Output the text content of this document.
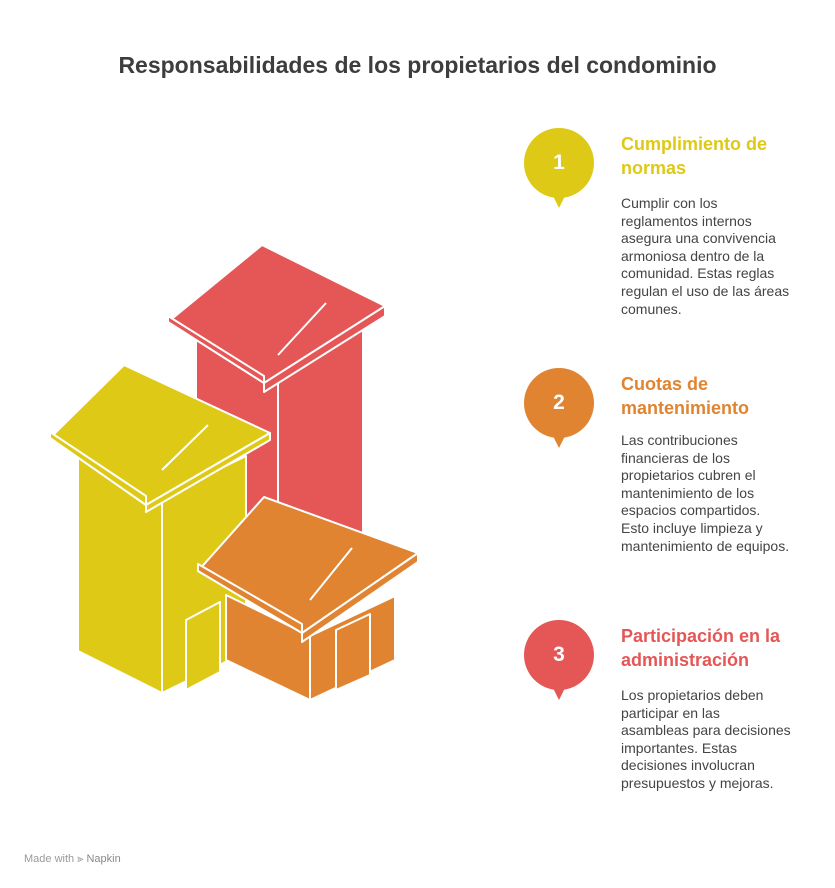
Responsabilidades de los propietarios del condominio
1
Cumplimiento de normas
Cumplir con los reglamentos internos asegura una convivencia armoniosa dentro de la comunidad. Estas reglas regulan el uso de las áreas comunes.
2
Cuotas de mantenimiento
Las contribuciones financieras de los propietarios cubren el mantenimiento de los espacios compartidos. Esto incluye limpieza y mantenimiento de equipos.
3
Participación en la administración
Los propietarios deben participar en las asambleas para decisiones importantes. Estas decisiones involucran presupuestos y mejoras.
Made with ⫸ Napkin
